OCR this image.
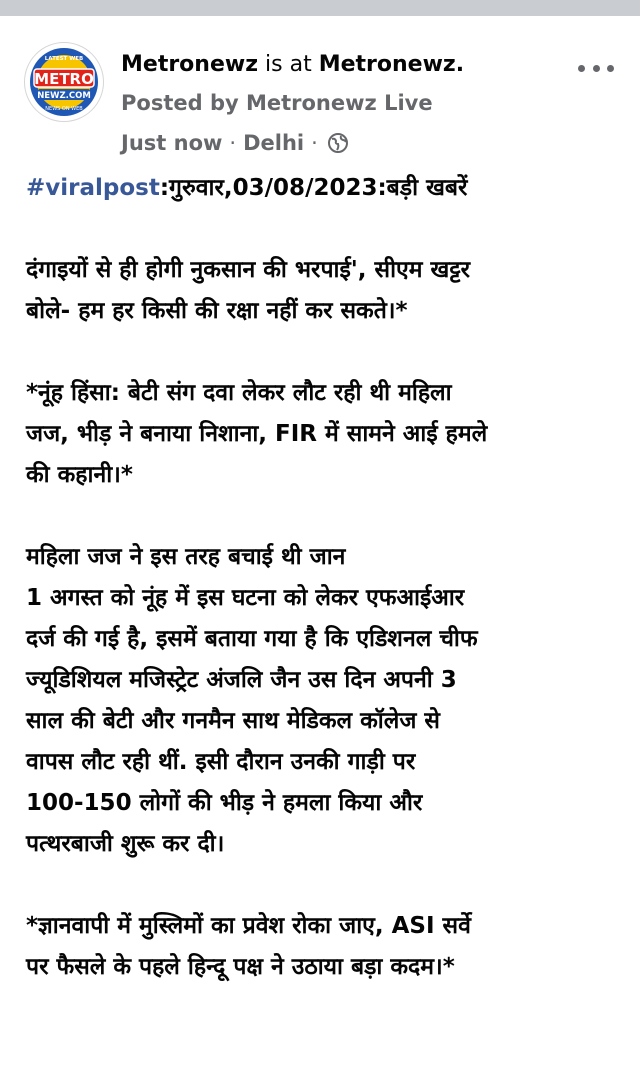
METRO
NEWZ.COM
LATEST WEB
NEWS ON WEB
Metronewz is at Metronewz.
Posted by Metronewz Live
Just now · Delhi ·

#viralpost:गुरुवार,03/08/2023:बड़ी खबरें

दंगाइयों से ही होगी नुकसान की भरपाई', सीएम खट्टर
बोले- हम हर किसी की रक्षा नहीं कर सकते।*

*नूंह हिंसा: बेटी संग दवा लेकर लौट रही थी महिला
जज, भीड़ ने बनाया निशाना, FIR में सामने आई हमले
की कहानी।*

महिला जज ने इस तरह बचाई थी जान
1 अगस्त को नूंह में इस घटना को लेकर एफआईआर
दर्ज की गई है, इसमें बताया गया है कि एडिशनल चीफ
ज्यूडिशियल मजिस्ट्रेट अंजलि जैन उस दिन अपनी 3
साल की बेटी और गनमैन साथ मेडिकल कॉलेज से
वापस लौट रही थीं. इसी दौरान उनकी गाड़ी पर
100-150 लोगों की भीड़ ने हमला किया और
पत्थरबाजी शुरू कर दी।

*ज्ञानवापी में मुस्लिमों का प्रवेश रोका जाए, ASI सर्वे
पर फैसले के पहले हिन्दू पक्ष ने उठाया बड़ा कदम।*
